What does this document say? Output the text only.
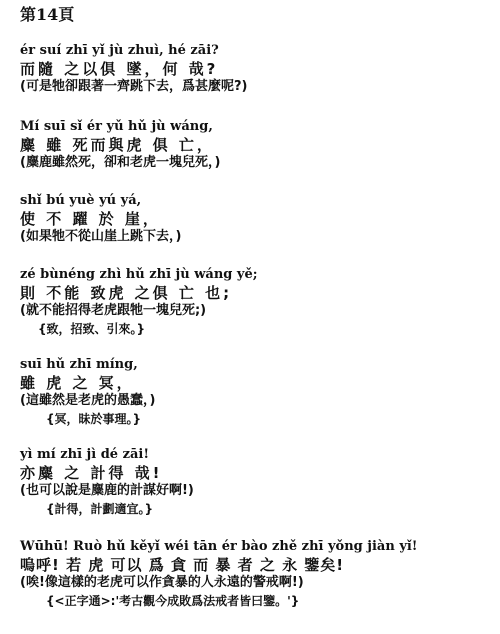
第14頁

ér suí zhī yǐ jù zhuì, hé zāi?
而隨 之以俱 墜，何 哉?
(可是牠卻跟著一齊跳下去，爲甚麼呢?)
Mí suī sǐ ér yǔ hǔ jù wáng,
麋 雖 死而與虎 俱 亡，
(麋鹿雖然死，卻和老虎一塊兒死，)
shǐ bú yuè yú yá,
使 不 躍 於 崖，
(如果牠不從山崖上跳下去，)
zé bùnéng zhì hǔ zhī jù wáng yě;
則 不能 致虎 之俱 亡 也;
(就不能招得老虎跟牠一塊兒死;)
{致，招致、引來。}
suī hǔ zhī míng,
雖 虎 之 冥，
(這雖然是老虎的愚蠢，)
{冥，昧於事理。}
yì mí zhī jì dé zāi!
亦麋 之 計得 哉!
(也可以說是麋鹿的計謀好啊!)
{計得，計劃適宜。}
Wūhū! Ruò hǔ kěyǐ wéi tān ér bào zhě zhī yǒng jiàn yǐ!
嗚呼! 若 虎 可以 爲 貪 而 暴 者 之 永 鑒矣!
(唉!像這樣的老虎可以作貪暴的人永遠的警戒啊!)
{<正字通>:'考古觀今成敗爲法戒者皆曰鑒。'}
